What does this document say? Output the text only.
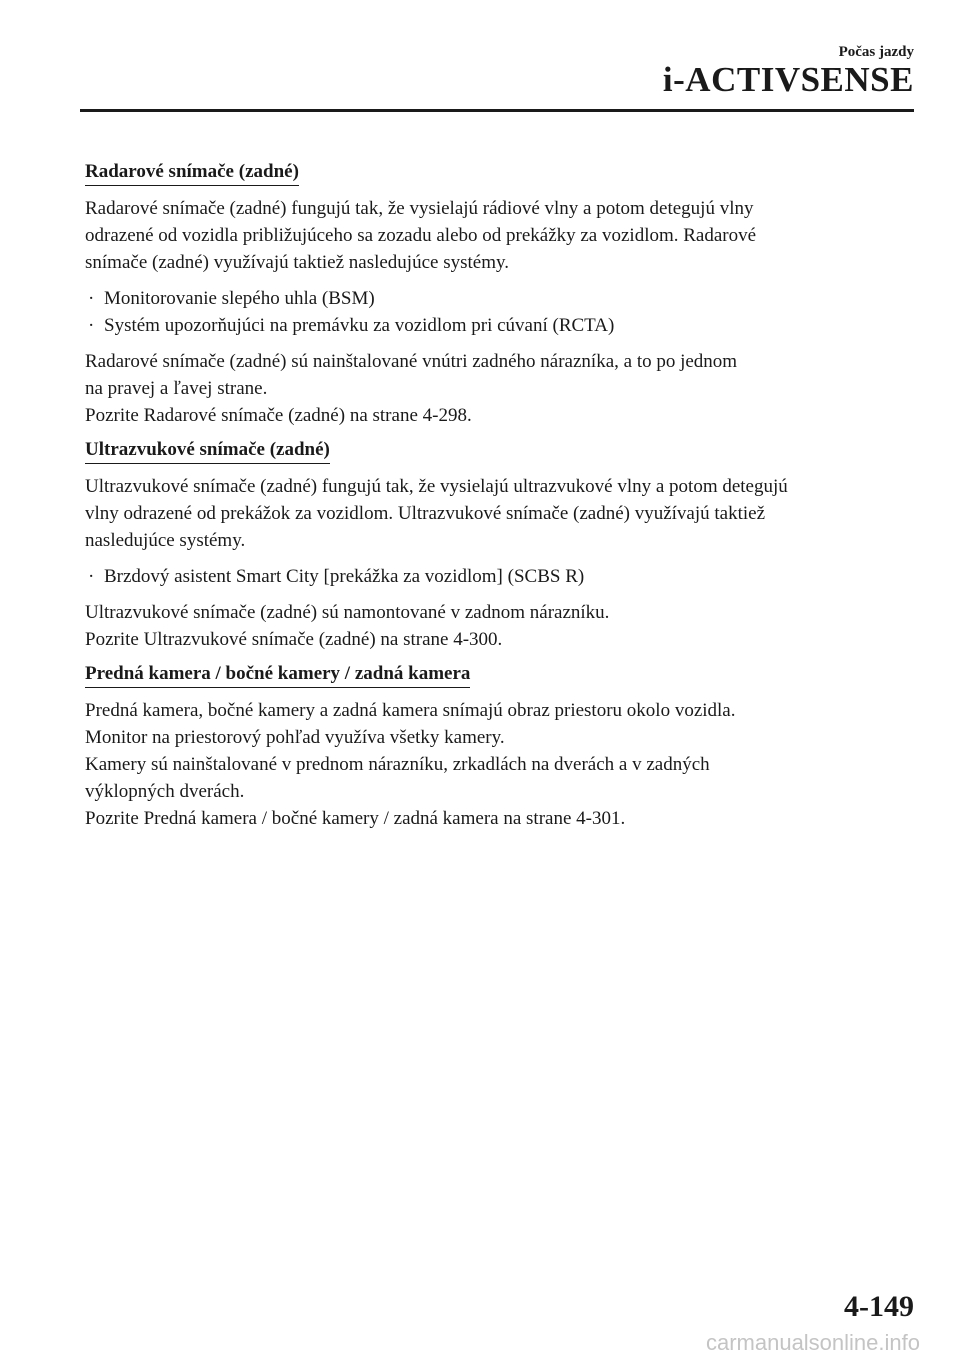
Počas jazdy
i-ACTIVSENSE
Radarové snímače (zadné)

Radarové snímače (zadné) fungujú tak, že vysielajú rádiové vlny a potom detegujú vlny
odrazené od vozidla približujúceho sa zozadu alebo od prekážky za vozidlom. Radarové
snímače (zadné) využívajú taktiež nasledujúce systémy.

· Monitorovanie slepého uhla (BSM)
· Systém upozorňujúci na premávku za vozidlom pri cúvaní (RCTA)

Radarové snímače (zadné) sú nainštalované vnútri zadného nárazníka, a to po jednom
na pravej a ľavej strane.
Pozrite Radarové snímače (zadné) na strane 4-298.

Ultrazvukové snímače (zadné)

Ultrazvukové snímače (zadné) fungujú tak, že vysielajú ultrazvukové vlny a potom detegujú
vlny odrazené od prekážok za vozidlom. Ultrazvukové snímače (zadné) využívajú taktiež
nasledujúce systémy.

· Brzdový asistent Smart City [prekážka za vozidlom] (SCBS R)

Ultrazvukové snímače (zadné) sú namontované v zadnom nárazníku.
Pozrite Ultrazvukové snímače (zadné) na strane 4-300.

Predná kamera / bočné kamery / zadná kamera

Predná kamera, bočné kamery a zadná kamera snímajú obraz priestoru okolo vozidla.
Monitor na priestorový pohľad využíva všetky kamery.
Kamery sú nainštalované v prednom nárazníku, zrkadlách na dverách a v zadných
výklopných dverách.
Pozrite Predná kamera / bočné kamery / zadná kamera na strane 4-301.

4-149
carmanualsonline.info
